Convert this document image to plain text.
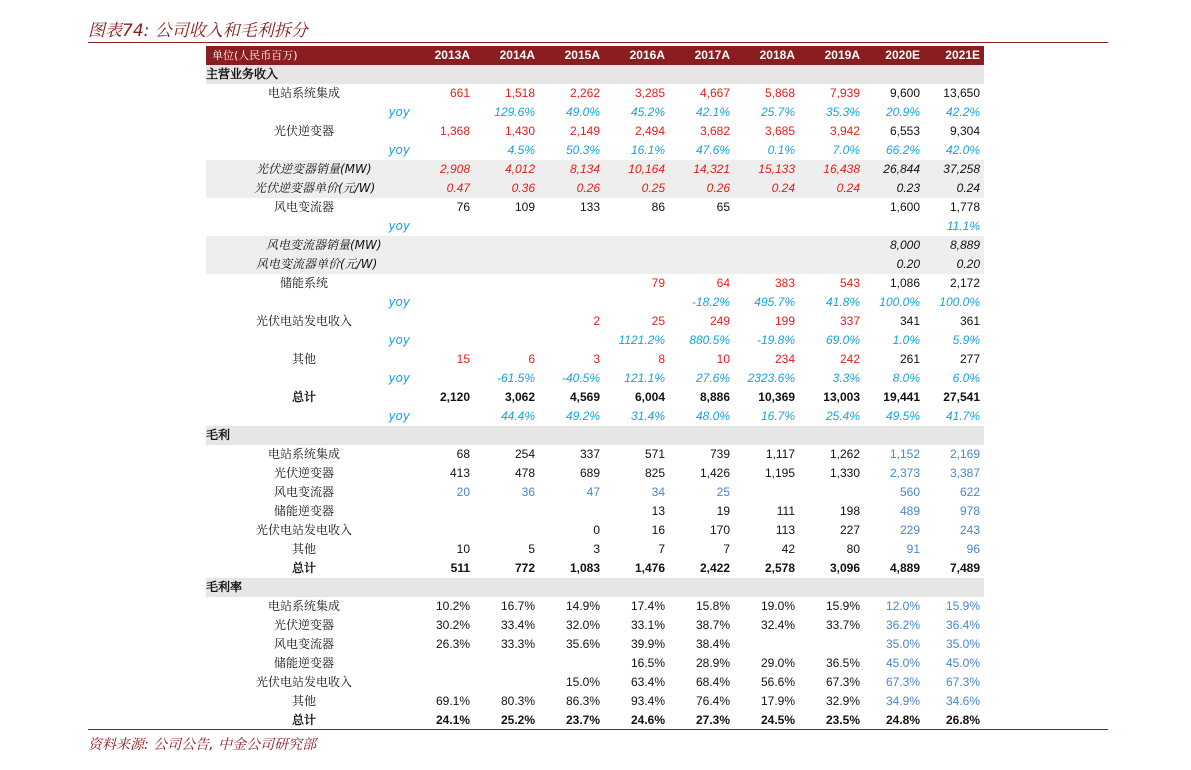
图表74: 公司收入和毛利拆分
单位(人民币百万)	2013A	2014A	2015A	2016A	2017A	2018A	2019A	2020E	2021E
主营业务收入									
电站系统集成	661	1,518	2,262	3,285	4,667	5,868	7,939	9,600	13,650
yoy		129.6%	49.0%	45.2%	42.1%	25.7%	35.3%	20.9%	42.2%
光伏逆变器	1,368	1,430	2,149	2,494	3,682	3,685	3,942	6,553	9,304
yoy		4.5%	50.3%	16.1%	47.6%	0.1%	7.0%	66.2%	42.0%
光伏逆变器销量(MW)	2,908	4,012	8,134	10,164	14,321	15,133	16,438	26,844	37,258
光伏逆变器单价(元/W)	0.47	0.36	0.26	0.25	0.26	0.24	0.24	0.23	0.24
风电变流器	76	109	133	86	65			1,600	1,778
yoy									11.1%
风电变流器销量(MW)								8,000	8,889
风电变流器单价(元/W)								0.20	0.20
储能系统				79	64	383	543	1,086	2,172
yoy					-18.2%	495.7%	41.8%	100.0%	100.0%
光伏电站发电收入			2	25	249	199	337	341	361
yoy				1121.2%	880.5%	-19.8%	69.0%	1.0%	5.9%
其他	15	6	3	8	10	234	242	261	277
yoy		-61.5%	-40.5%	121.1%	27.6%	2323.6%	3.3%	8.0%	6.0%
总计	2,120	3,062	4,569	6,004	8,886	10,369	13,003	19,441	27,541
yoy		44.4%	49.2%	31.4%	48.0%	16.7%	25.4%	49.5%	41.7%
毛利									
电站系统集成	68	254	337	571	739	1,117	1,262	1,152	2,169
光伏逆变器	413	478	689	825	1,426	1,195	1,330	2,373	3,387
风电变流器	20	36	47	34	25			560	622
储能逆变器				13	19	111	198	489	978
光伏电站发电收入			0	16	170	113	227	229	243
其他	10	5	3	7	7	42	80	91	96
总计	511	772	1,083	1,476	2,422	2,578	3,096	4,889	7,489
毛利率									
电站系统集成	10.2%	16.7%	14.9%	17.4%	15.8%	19.0%	15.9%	12.0%	15.9%
光伏逆变器	30.2%	33.4%	32.0%	33.1%	38.7%	32.4%	33.7%	36.2%	36.4%
风电变流器	26.3%	33.3%	35.6%	39.9%	38.4%			35.0%	35.0%
储能逆变器				16.5%	28.9%	29.0%	36.5%	45.0%	45.0%
光伏电站发电收入			15.0%	63.4%	68.4%	56.6%	67.3%	67.3%	67.3%
其他	69.1%	80.3%	86.3%	93.4%	76.4%	17.9%	32.9%	34.9%	34.6%
总计	24.1%	25.2%	23.7%	24.6%	27.3%	24.5%	23.5%	24.8%	26.8%
资料来源: 公司公告, 中金公司研究部
